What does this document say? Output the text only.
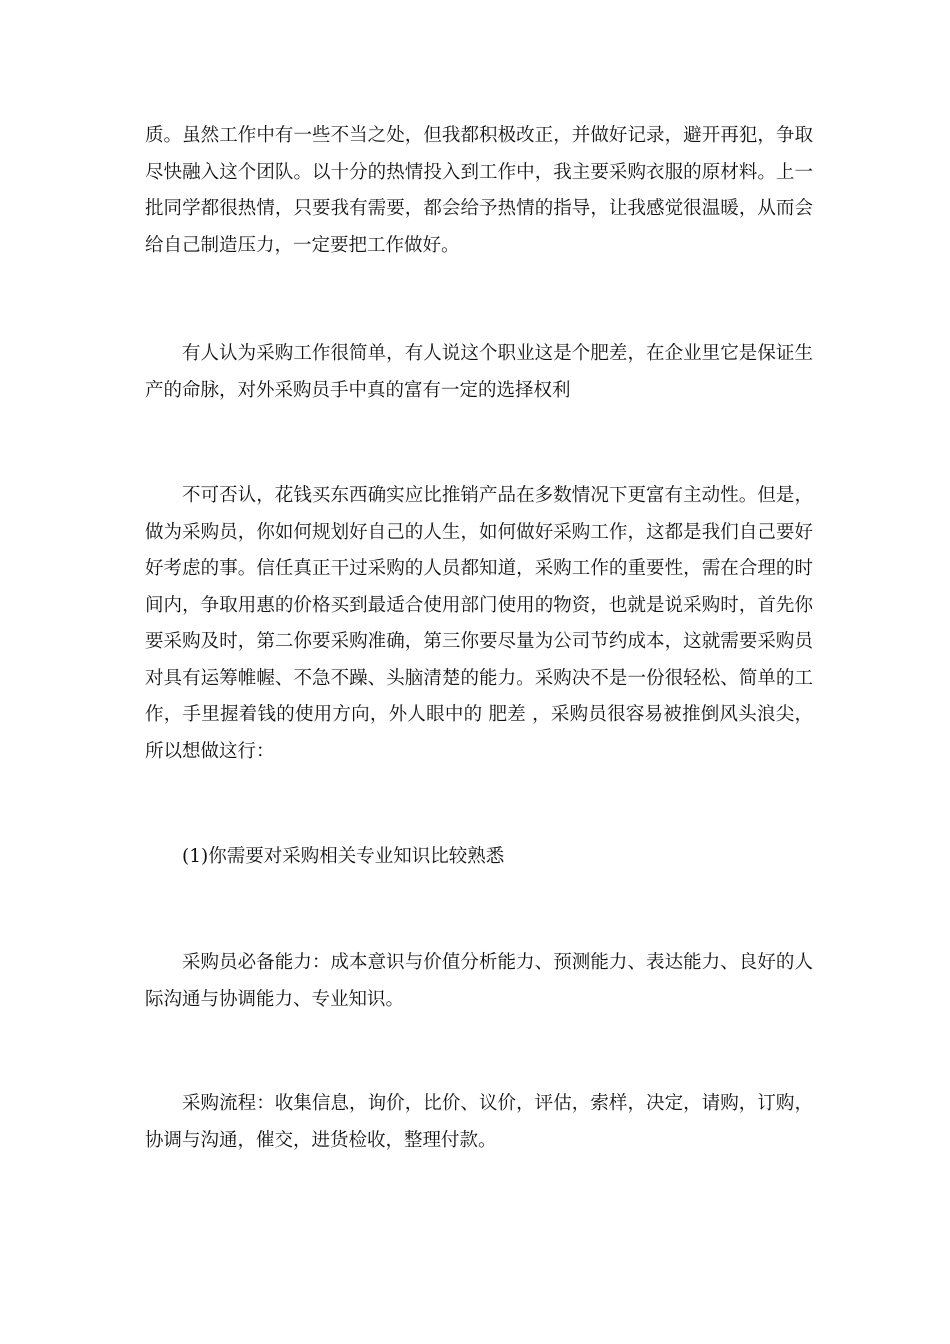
质。虽然工作中有一些不当之处，但我都积极改正，并做好记录，避开再犯，争取尽快融入这个团队。以十分的热情投入到工作中，我主要采购衣服的原材料。上一批同学都很热情，只要我有需要，都会给予热情的指导，让我感觉很温暖，从而会给自己制造压力，一定要把工作做好。

有人认为采购工作很简单，有人说这个职业这是个肥差，在企业里它是保证生产的命脉，对外采购员手中真的富有一定的选择权利

不可否认，花钱买东西确实应比推销产品在多数情况下更富有主动性。但是，做为采购员，你如何规划好自己的人生，如何做好采购工作，这都是我们自己要好好考虑的事。信任真正干过采购的人员都知道，采购工作的重要性，需在合理的时间内，争取用惠的价格买到最适合使用部门使用的物资，也就是说采购时，首先你要采购及时，第二你要采购准确，第三你要尽量为公司节约成本，这就需要采购员对具有运筹帷幄、不急不躁、头脑清楚的能力。采购决不是一份很轻松、简单的工作，手里握着钱的使用方向，外人眼中的 肥差 ，采购员很容易被推倒风头浪尖，所以想做这行：

(1)你需要对采购相关专业知识比较熟悉

采购员必备能力：成本意识与价值分析能力、预测能力、表达能力、良好的人际沟通与协调能力、专业知识。

采购流程：收集信息，询价，比价、议价，评估，索样，决定，请购，订购，协调与沟通，催交，进货检收，整理付款。
